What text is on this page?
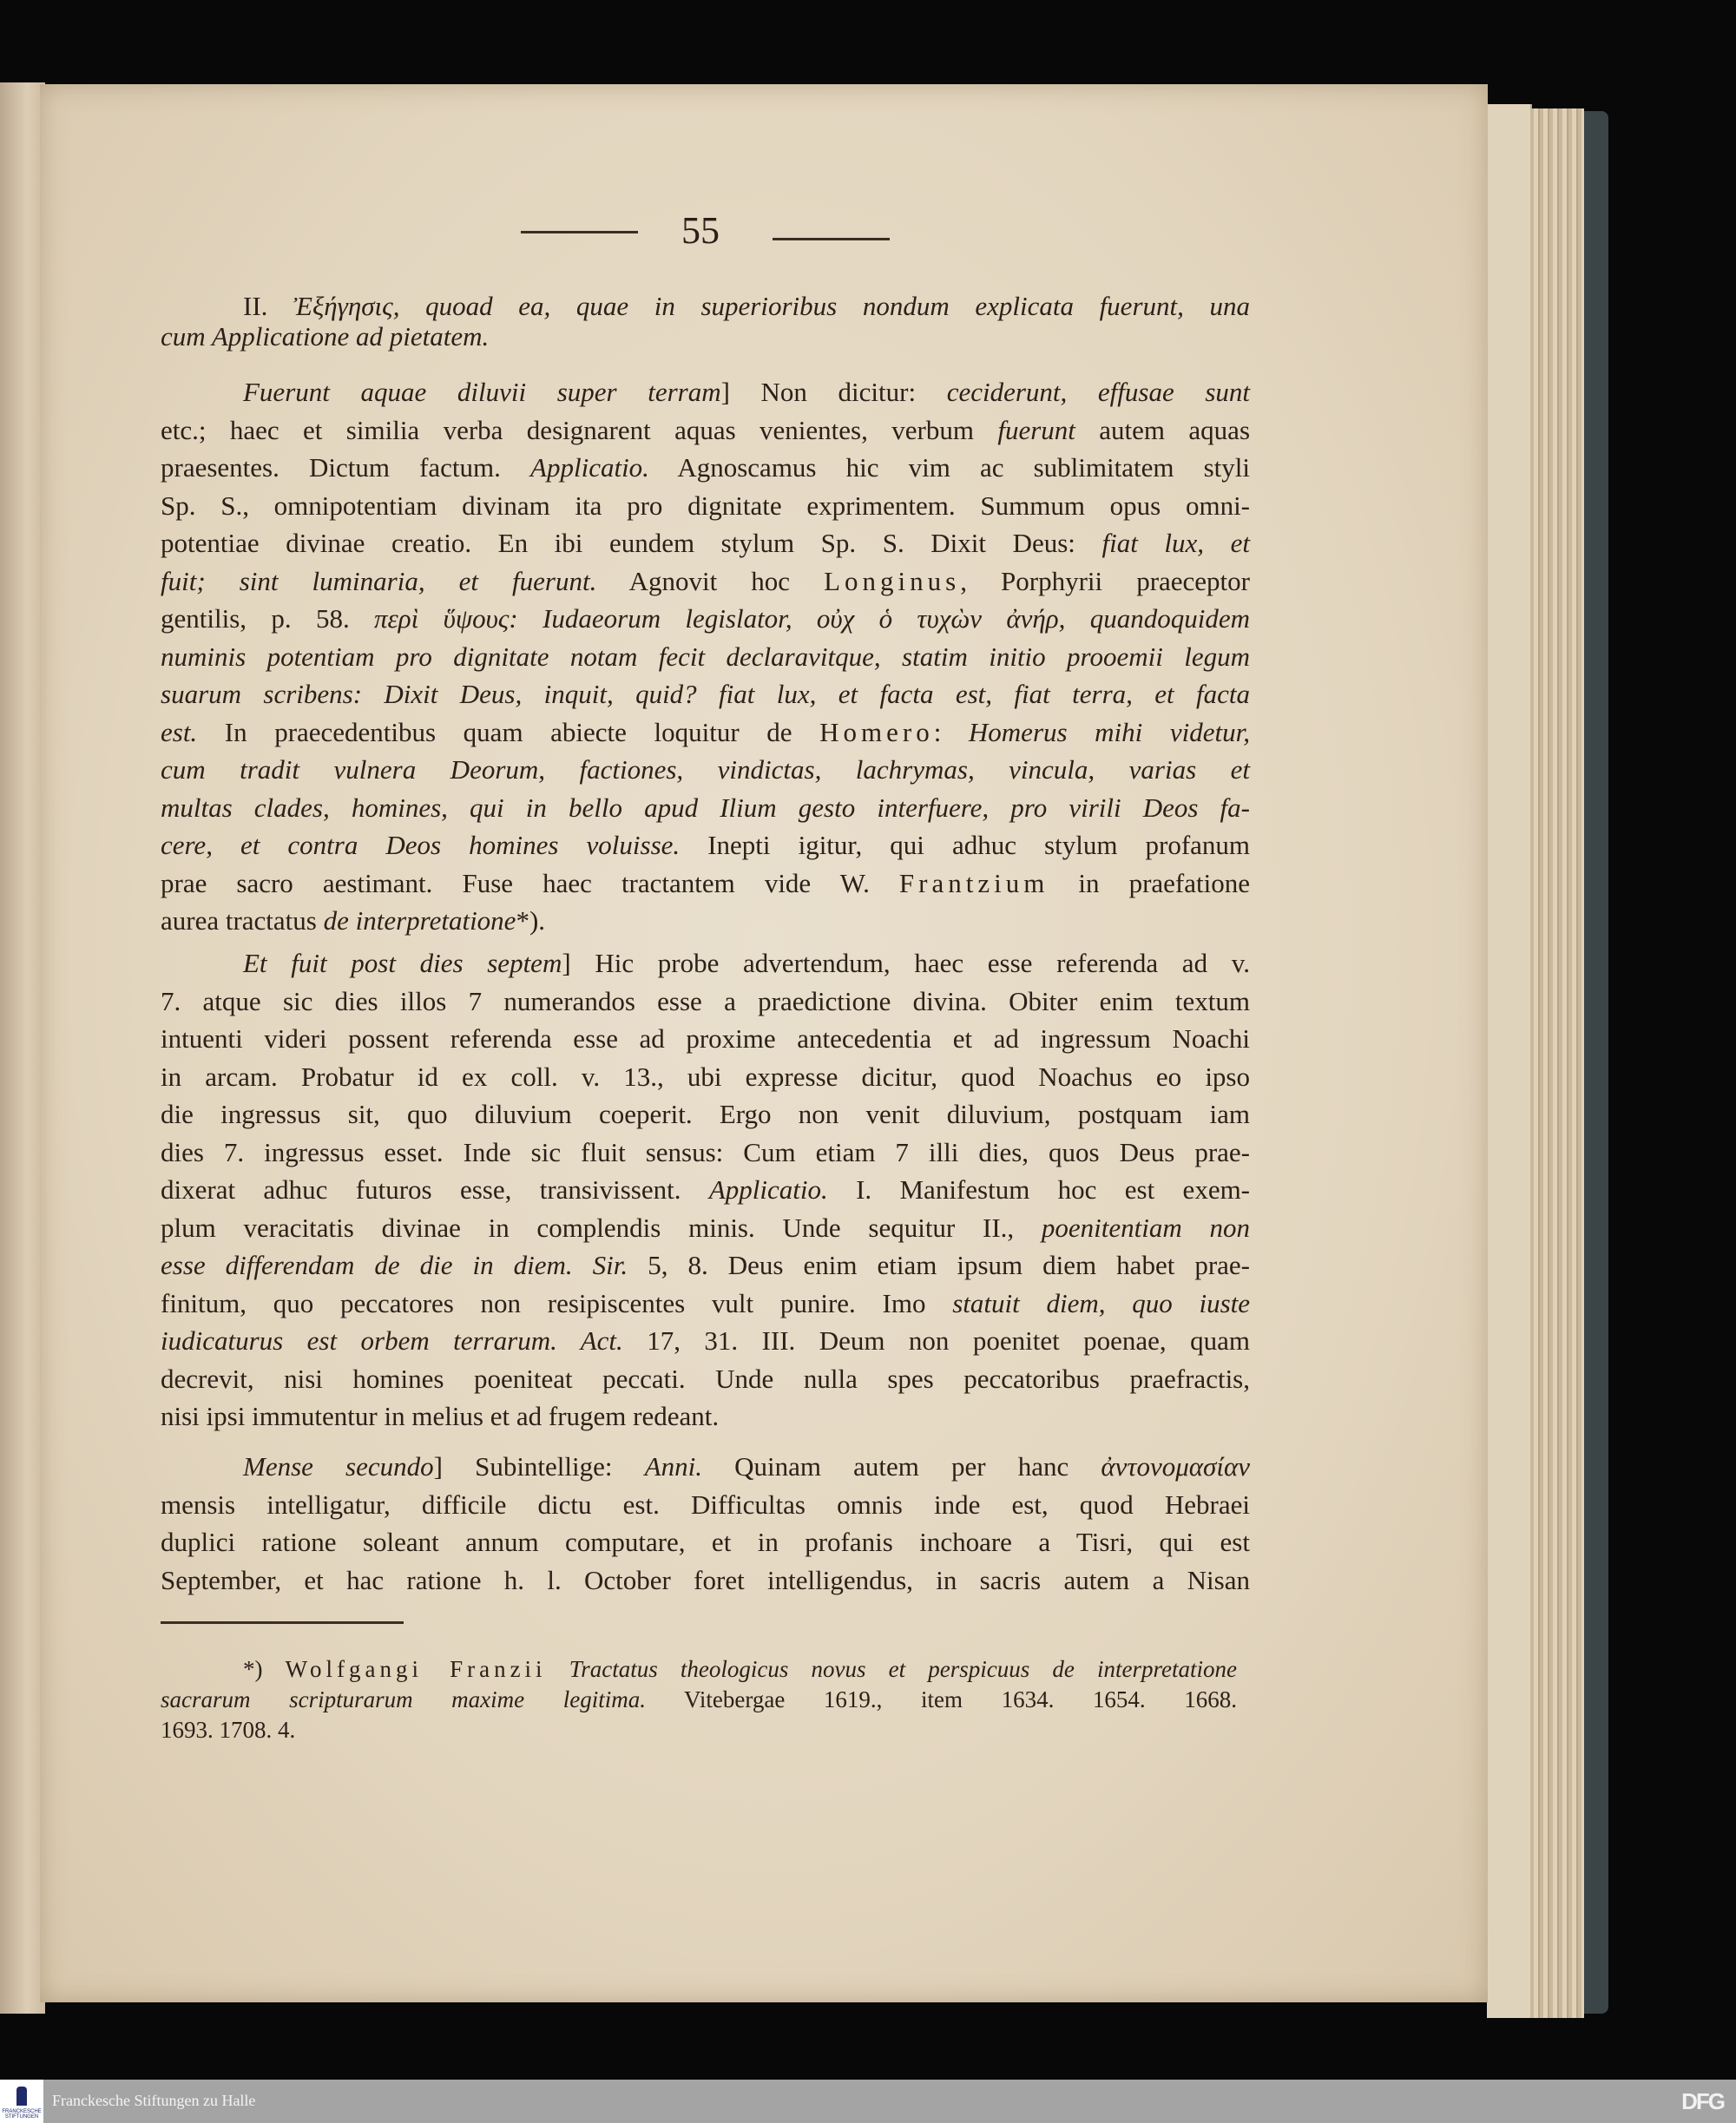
55
II. Ἐξήγησις, quoad ea, quae in superioribus nondum explicata fuerunt, una
cum Applicatione ad pietatem.
Fuerunt aquae diluvii super terram] Non dicitur: ceciderunt, effusae sunt
etc.; haec et similia verba designarent aquas venientes, verbum fuerunt autem aquas
praesentes. Dictum factum. Applicatio. Agnoscamus hic vim ac sublimitatem styli
Sp. S., omnipotentiam divinam ita pro dignitate exprimentem. Summum opus omni-
potentiae divinae creatio. En ibi eundem stylum Sp. S. Dixit Deus: fiat lux, et
fuit; sint luminaria, et fuerunt. Agnovit hoc Longinus, Porphyrii praeceptor
gentilis, p. 58. περὶ ὕψους: Iudaeorum legislator, οὐχ ὁ τυχὼν ἀνήρ, quandoquidem
numinis potentiam pro dignitate notam fecit declaravitque, statim initio prooemii legum
suarum scribens: Dixit Deus, inquit, quid? fiat lux, et facta est, fiat terra, et facta
est. In praecedentibus quam abiecte loquitur de Homero: Homerus mihi videtur,
cum tradit vulnera Deorum, factiones, vindictas, lachrymas, vincula, varias et
multas clades, homines, qui in bello apud Ilium gesto interfuere, pro virili Deos fa-
cere, et contra Deos homines voluisse. Inepti igitur, qui adhuc stylum profanum
prae sacro aestimant. Fuse haec tractantem vide W. Frantzium in praefatione
aurea tractatus de interpretatione*).
Et fuit post dies septem] Hic probe advertendum, haec esse referenda ad v.
7. atque sic dies illos 7 numerandos esse a praedictione divina. Obiter enim textum
intuenti videri possent referenda esse ad proxime antecedentia et ad ingressum Noachi
in arcam. Probatur id ex coll. v. 13., ubi expresse dicitur, quod Noachus eo ipso
die ingressus sit, quo diluvium coeperit. Ergo non venit diluvium, postquam iam
dies 7. ingressus esset. Inde sic fluit sensus: Cum etiam 7 illi dies, quos Deus prae-
dixerat adhuc futuros esse, transivissent. Applicatio. I. Manifestum hoc est exem-
plum veracitatis divinae in complendis minis. Unde sequitur II., poenitentiam non
esse differendam de die in diem. Sir. 5, 8. Deus enim etiam ipsum diem habet prae-
finitum, quo peccatores non resipiscentes vult punire. Imo statuit diem, quo iuste
iudicaturus est orbem terrarum. Act. 17, 31. III. Deum non poenitet poenae, quam
decrevit, nisi homines poeniteat peccati. Unde nulla spes peccatoribus praefractis,
nisi ipsi immutentur in melius et ad frugem redeant.
Mense secundo] Subintellige: Anni. Quinam autem per hanc ἀντονομασίαν
mensis intelligatur, difficile dictu est. Difficultas omnis inde est, quod Hebraei
duplici ratione soleant annum computare, et in profanis inchoare a Tisri, qui est
September, et hac ratione h. l. October foret intelligendus, in sacris autem a Nisan
*) Wolfgangi Franzii Tractatus theologicus novus et perspicuus de interpretatione
sacrarum scripturarum maxime legitima. Vitebergae 1619., item 1634. 1654. 1668.
1693. 1708. 4.
FRANCKESCHE STIFTUNGEN
Franckesche Stiftungen zu Halle	DFG
